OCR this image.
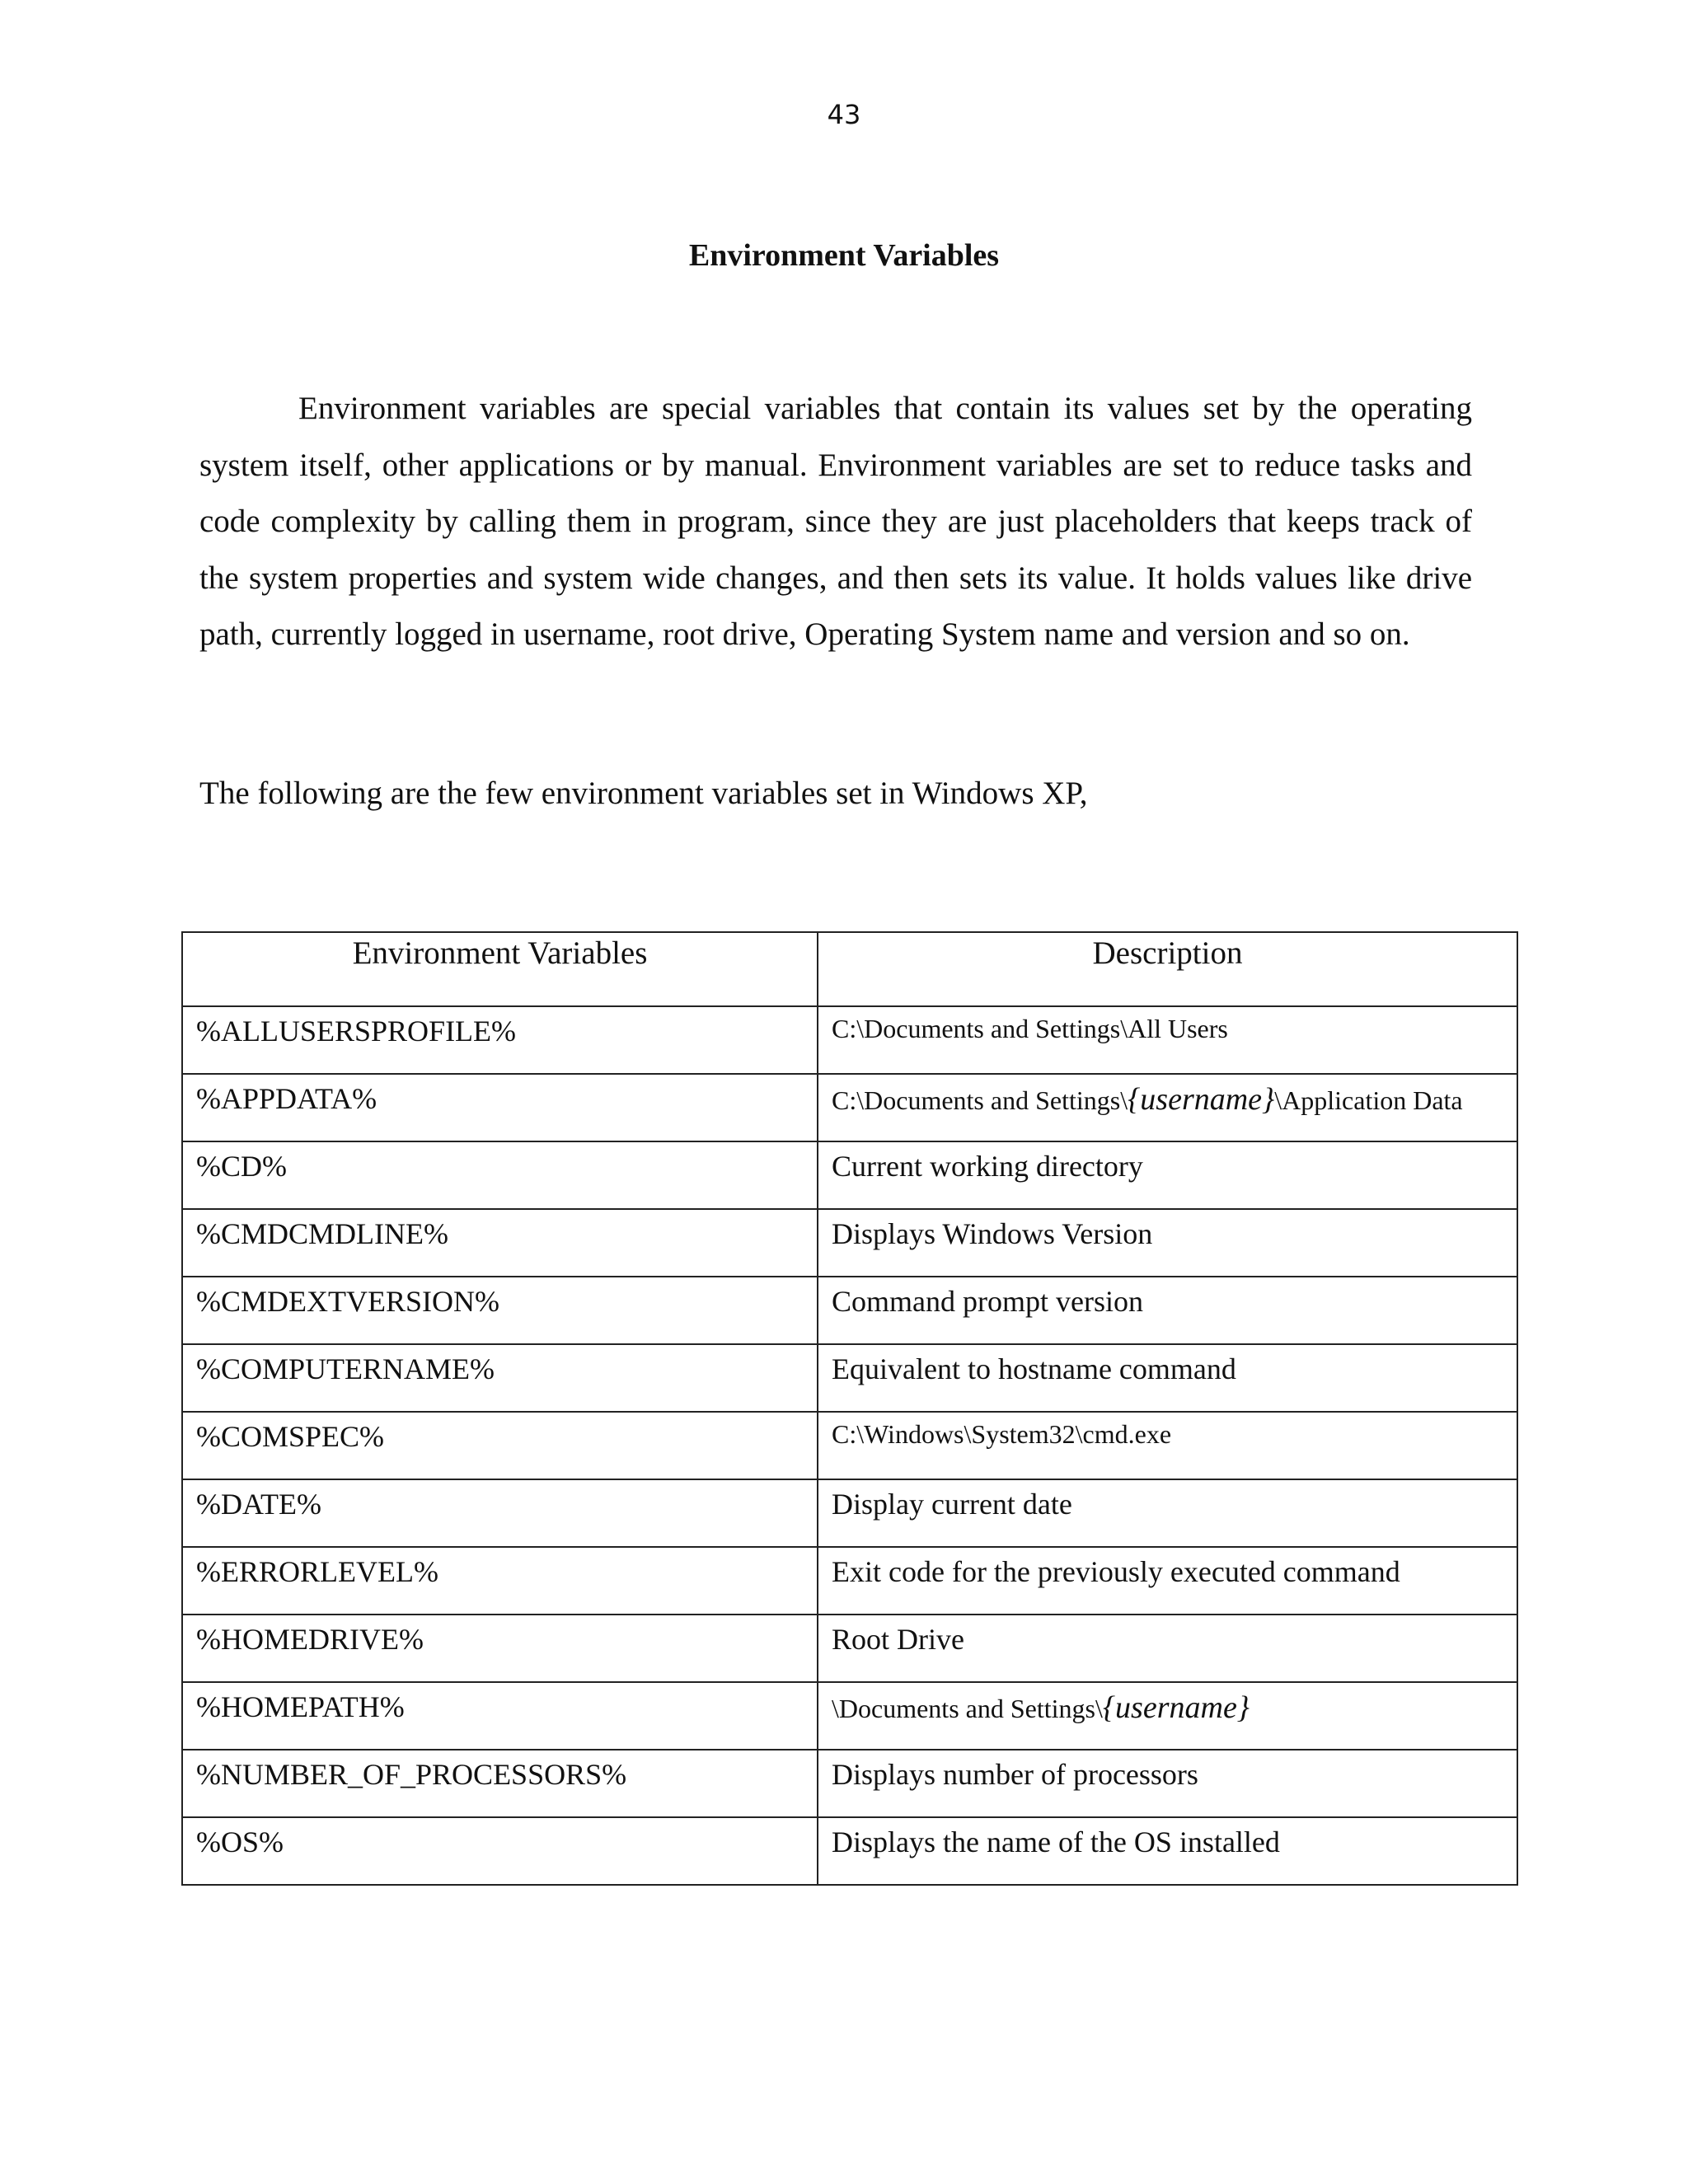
43
Environment Variables

Environment variables are special variables that contain its values set by the operating system itself, other applications or by manual. Environment variables are set to reduce tasks and code complexity by calling them in program, since they are just placeholders that keeps track of the system properties and system wide changes, and then sets its value. It holds values like drive path, currently logged in username, root drive, Operating System name and version and so on.

The following are the few environment variables set in Windows XP,

Environment Variables	Description
%ALLUSERSPROFILE%	C:\Documents and Settings\All Users
%APPDATA%	C:\Documents and Settings\{username}\Application Data
%CD%	Current working directory
%CMDCMDLINE%	Displays Windows Version
%CMDEXTVERSION%	Command prompt version
%COMPUTERNAME%	Equivalent to hostname command
%COMSPEC%	C:\Windows\System32\cmd.exe
%DATE%	Display current date
%ERRORLEVEL%	Exit code for the previously executed command
%HOMEDRIVE%	Root Drive
%HOMEPATH%	\Documents and Settings\{username}
%NUMBER_OF_PROCESSORS%	Displays number of processors
%OS%	Displays the name of the OS installed
